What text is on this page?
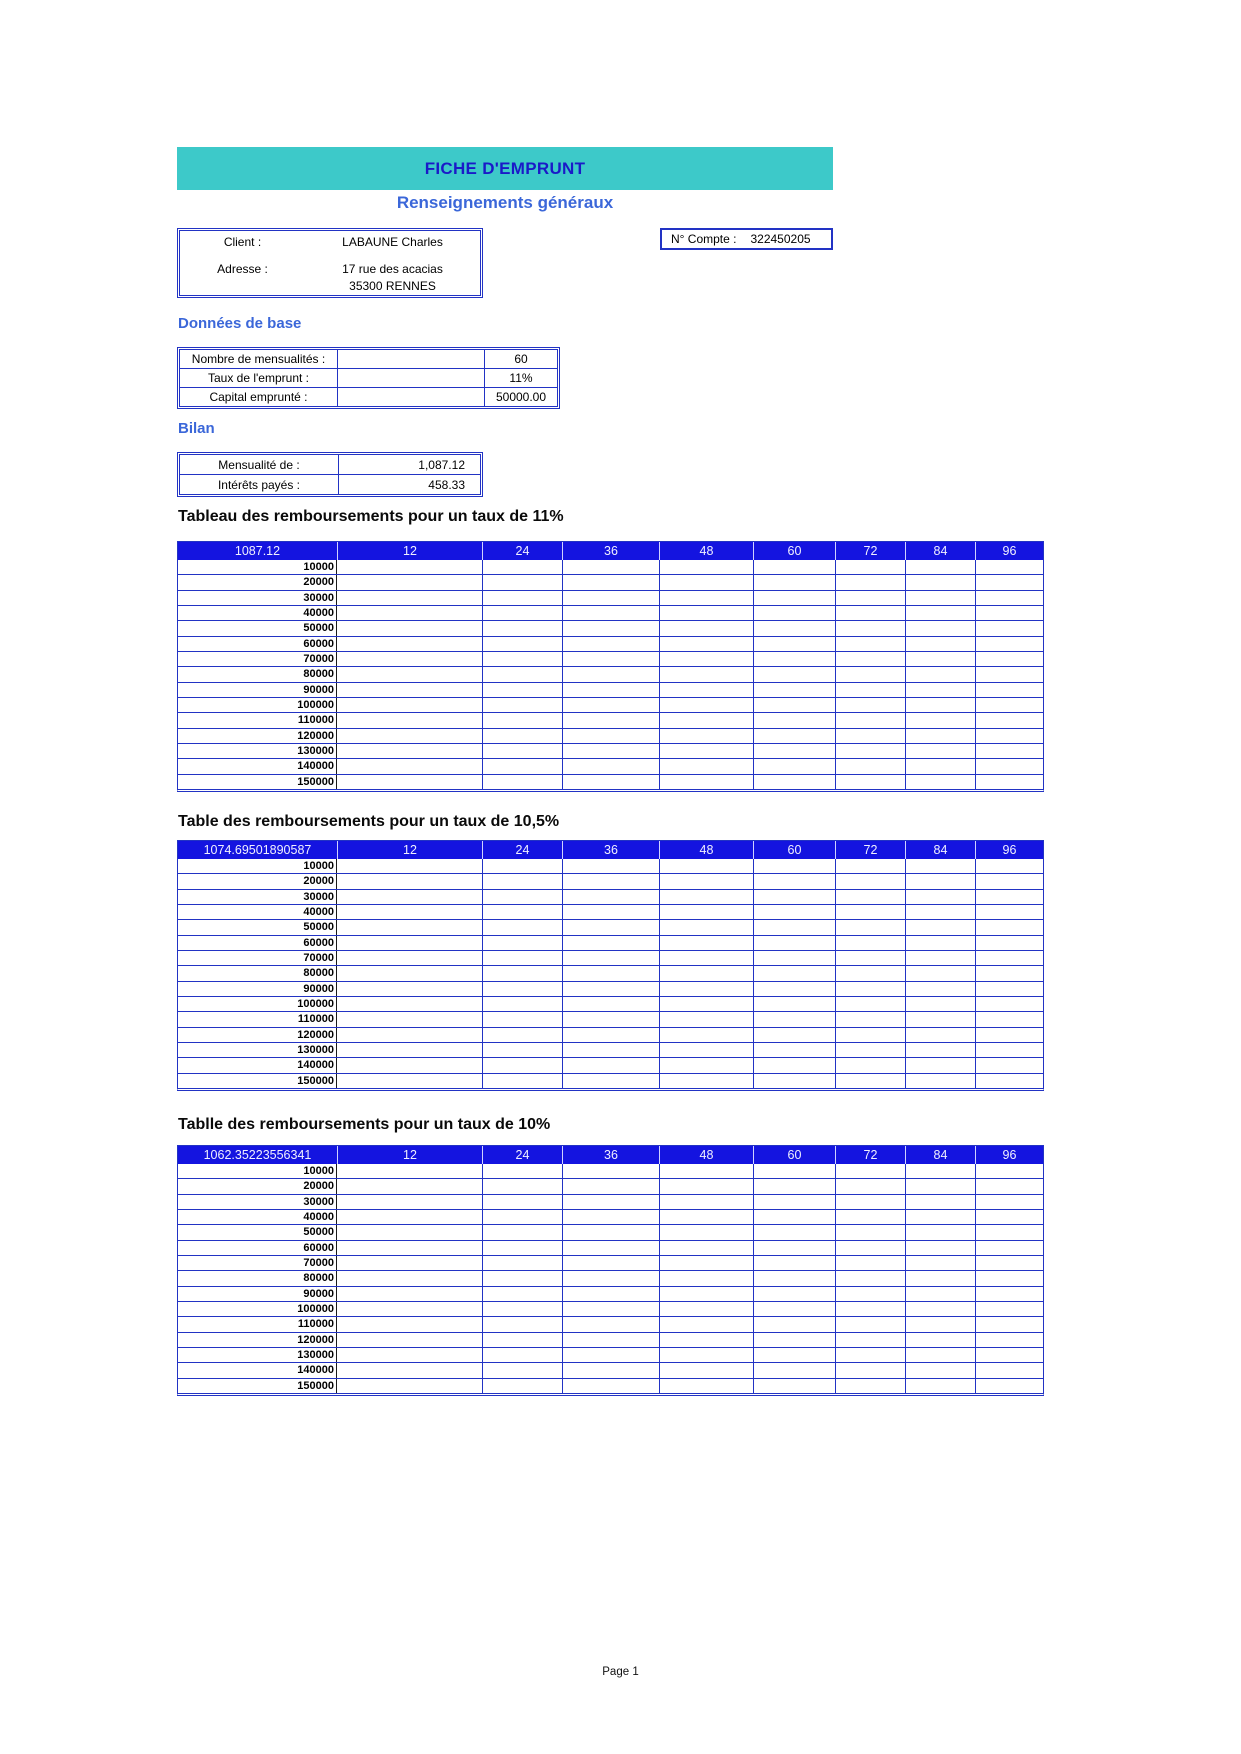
FICHE D'EMPRUNT
Renseignements généraux
Client :	LABAUNE Charles
Adresse :	17 rue des acacias
35300 RENNES
N° Compte : 322450205
Données de base
Nombre de mensualités :	60
Taux de l'emprunt :	11%
Capital emprunté :	50000.00
Bilan
Mensualité de :	1,087.12
Intérêts payés :	458.33
Tableau des remboursements pour un taux de 11%
1087.12	12	24	36	48	60	72	84	96
10000
20000
30000
40000
50000
60000
70000
80000
90000
100000
110000
120000
130000
140000
150000
Table des remboursements pour un taux de 10,5%
1074.69501890587	12	24	36	48	60	72	84	96
10000
20000
30000
40000
50000
60000
70000
80000
90000
100000
110000
120000
130000
140000
150000
Tablle des remboursements pour un taux de 10%
1062.35223556341	12	24	36	48	60	72	84	96
10000
20000
30000
40000
50000
60000
70000
80000
90000
100000
110000
120000
130000
140000
150000
Page 1
